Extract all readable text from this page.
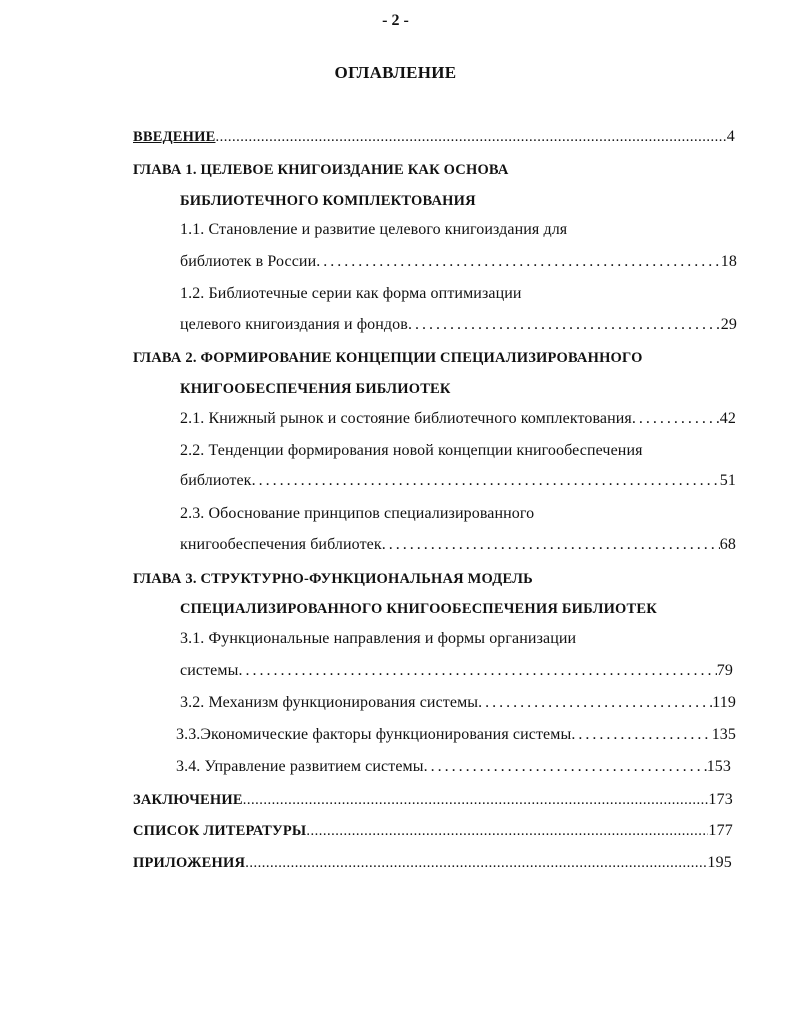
- 2 -
ОГЛАВЛЕНИЕ
ВВЕДЕНИЕ .....	4
ГЛАВА 1. ЦЕЛЕВОЕ КНИГОИЗДАНИЕ КАК ОСНОВА
БИБЛИОТЕЧНОГО КОМПЛЕКТОВАНИЯ
1.1. Становление и развитие целевого книгоиздания для
библиотек в России .....	18
1.2. Библиотечные серии как форма оптимизации
целевого книгоиздания и фондов .....	29
ГЛАВА 2. ФОРМИРОВАНИЕ КОНЦЕПЦИИ СПЕЦИАЛИЗИРОВАННОГО
КНИГООБЕСПЕЧЕНИЯ БИБЛИОТЕК
2.1. Книжный рынок и состояние библиотечного комплектования .....	42
2.2. Тенденции формирования новой концепции книгообеспечения
библиотек .....	51
2.3. Обоснование принципов специализированного
книгообеспечения библиотек .....	68
ГЛАВА 3. СТРУКТУРНО-ФУНКЦИОНАЛЬНАЯ МОДЕЛЬ
СПЕЦИАЛИЗИРОВАННОГО КНИГООБЕСПЕЧЕНИЯ БИБЛИОТЕК
3.1. Функциональные направления и формы организации
системы .....	79
3.2. Механизм функционирования системы .....	119
3.3.Экономические факторы функционирования системы .....	135
3.4. Управление развитием системы .....	153
ЗАКЛЮЧЕНИЕ .....	173
СПИСОК ЛИТЕРАТУРЫ .....	177
ПРИЛОЖЕНИЯ .....	195
